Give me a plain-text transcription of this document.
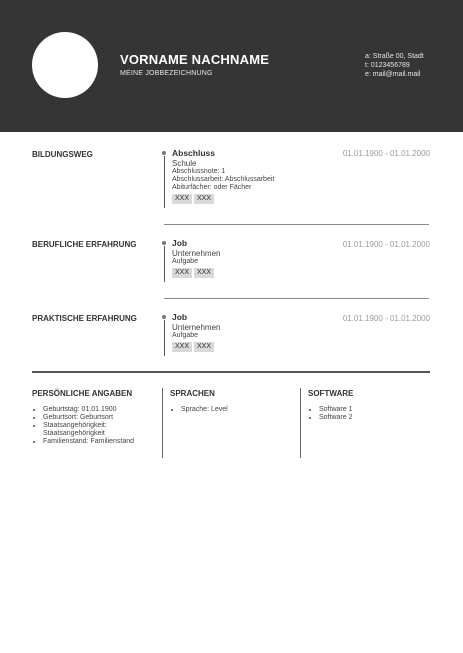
VORNAME NACHNAME
MEINE JOBBEZEICHNUNG
a: Straße 00, Stadt
t: 0123456789
e: mail@mail.mail
BILDUNGSWEG	Abschluss
Schule
Abschlussnote: 1
Abschlussarbeit: Abschlussarbeit
Abiturfächer: oder Fächer
XXX XXX
01.01.1900 - 01.01.2000
BERUFLICHE ERFAHRUNG	Job
Unternehmen
Aufgabe
XXX XXX
01.01.1900 - 01.01.2000
PRAKTISCHE ERFAHRUNG	Job
Unternehmen
Aufgabe
XXX XXX
01.01.1900 - 01.01.2000
PERSÖNLICHE ANGABEN
• Geburtstag: 01.01.1900
• Geburtsort: Geburtsort
• Staatsangehörigkeit: Staatsangehörigkeit
• Familienstand: Familienstand
SPRACHEN
• Sprache: Level
SOFTWARE
• Software 1
• Software 2
